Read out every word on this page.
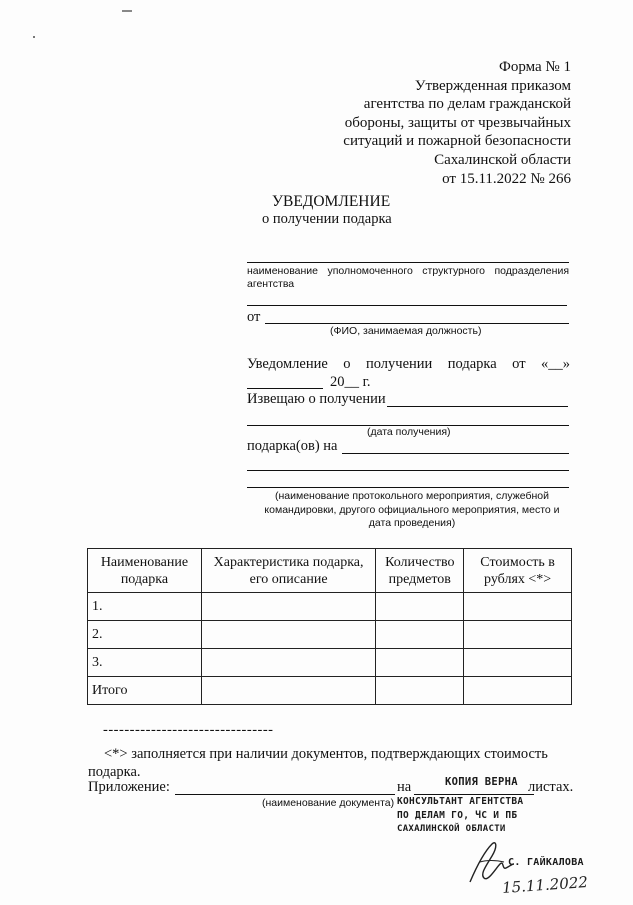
Форма № 1
Утвержденная приказом
агентства по делам гражданской
обороны, защиты от чрезвычайных
ситуаций и пожарной безопасности
Сахалинской области
от 15.11.2022 № 266
УВЕДОМЛЕНИЕ
о получении подарка
наименование уполномоченного структурного подразделения агентства
от
(ФИО, занимаемая должность)
Уведомление о получении подарка от «__»
20__ г.
Извещаю о получении
(дата получения)
подарка(ов) на
(наименование протокольного мероприятия, служебной
командировки, другого официального мероприятия, место и
дата проведения)
Наименование подарка	Характеристика подарка, его описание	Количество предметов	Стоимость в рублях <*>
1.			
2.			
3.			
Итого			
--------------------------------
<*> заполняется при наличии документов, подтверждающих стоимость подарка.
Приложение:	на	листах.
(наименование документа)
КОПИЯ ВЕРНА
КОНСУЛЬТАНТ АГЕНТСТВА
ПО ДЕЛАМ ГО, ЧС И ПБ
САХАЛИНСКОЙ ОБЛАСТИ
С. ГАЙКАЛОВА
15.11.2022
